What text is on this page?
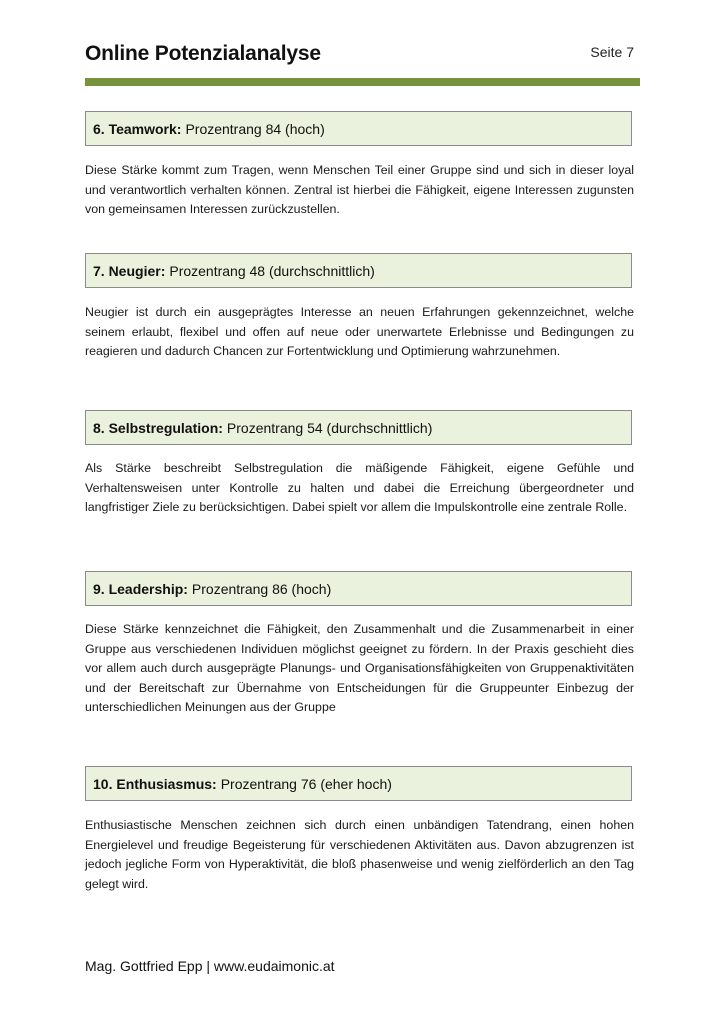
Online Potenzialanalyse	Seite 7
6. Teamwork: Prozentrang 84 (hoch)

Diese Stärke kommt zum Tragen, wenn Menschen Teil einer Gruppe sind und sich in dieser loyal und verantwortlich verhalten können. Zentral ist hierbei die Fähigkeit, eigene Interessen zugunsten von gemeinsamen Interessen zurückzustellen.

7. Neugier: Prozentrang 48 (durchschnittlich)

Neugier ist durch ein ausgeprägtes Interesse an neuen Erfahrungen gekennzeichnet, welche seinem erlaubt, flexibel und offen auf neue oder unerwartete Erlebnisse und Bedingungen zu reagieren und dadurch Chancen zur Fortentwicklung und Optimierung wahrzunehmen.

8. Selbstregulation: Prozentrang 54 (durchschnittlich)

Als Stärke beschreibt Selbstregulation die mäßigende Fähigkeit, eigene Gefühle und Verhaltensweisen unter Kontrolle zu halten und dabei die Erreichung übergeordneter und langfristiger Ziele zu berücksichtigen. Dabei spielt vor allem die Impulskontrolle eine zentrale Rolle.

9. Leadership: Prozentrang 86 (hoch)

Diese Stärke kennzeichnet die Fähigkeit, den Zusammenhalt und die Zusammenarbeit in einer Gruppe aus verschiedenen Individuen möglichst geeignet zu fördern. In der Praxis geschieht dies vor allem auch durch ausgeprägte Planungs- und Organisationsfähigkeiten von Gruppenaktivitäten und der Bereitschaft zur Übernahme von Entscheidungen für die Gruppeunter Einbezug der unterschiedlichen Meinungen aus der Gruppe

10. Enthusiasmus: Prozentrang 76 (eher hoch)

Enthusiastische Menschen zeichnen sich durch einen unbändigen Tatendrang, einen hohen Energielevel und freudige Begeisterung für verschiedenen Aktivitäten aus. Davon abzugrenzen ist jedoch jegliche Form von Hyperaktivität, die bloß phasenweise und wenig zielförderlich an den Tag gelegt wird.

Mag. Gottfried Epp | www.eudaimonic.at
